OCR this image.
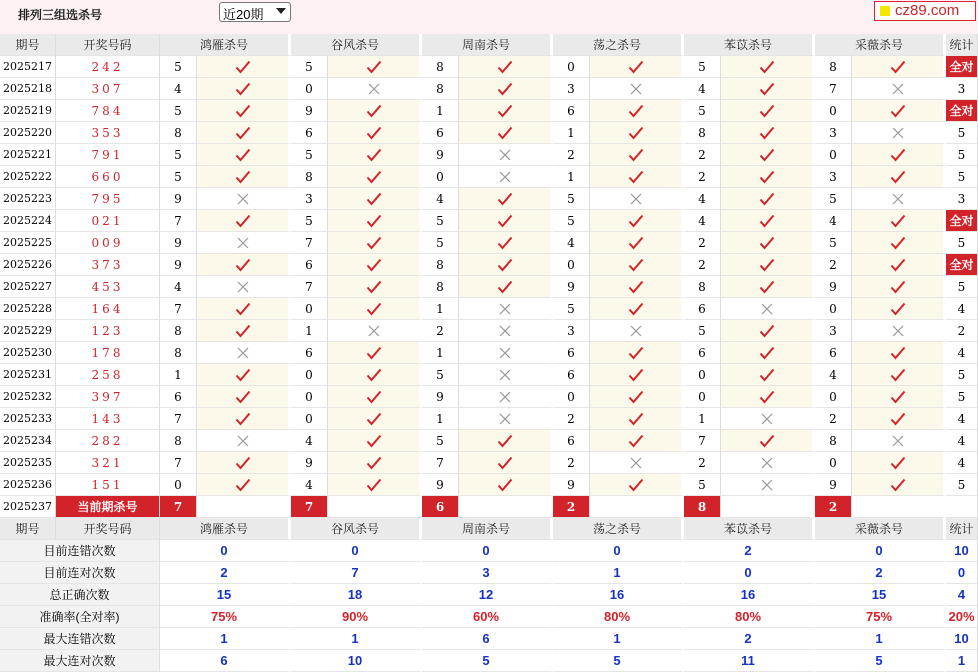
排列三组选杀号	近20期	cz89.com
期号	开奖号码	鸿雁杀号	谷风杀号	周南杀号	荡之杀号	苯苡杀号	采薇杀号	统计
2025217	242	5	5	8	0	5	8	全对
2025218	307	4	0	8	3	4	7	3
2025219	784	5	9	1	6	5	0	全对
2025220	353	8	6	6	1	8	3	5
2025221	791	5	5	9	2	2	0	5
2025222	660	5	8	0	1	2	3	5
2025223	795	9	3	4	5	4	5	3
2025224	021	7	5	5	5	4	4	全对
2025225	009	9	7	5	4	2	5	5
2025226	373	9	6	8	0	2	2	全对
2025227	453	4	7	8	9	8	9	5
2025228	164	7	0	1	5	6	0	4
2025229	123	8	1	2	3	5	3	2
2025230	178	8	6	1	6	6	6	4
2025231	258	1	0	5	6	0	4	5
2025232	397	6	0	9	0	0	0	5
2025233	143	7	0	1	2	1	2	4
2025234	282	8	4	5	6	7	8	4
2025235	321	7	9	7	2	2	0	4
2025236	151	0	4	9	9	5	9	5
2025237	当前期杀号	7	7	6	2	8	2
期号	开奖号码	鸿雁杀号	谷风杀号	周南杀号	荡之杀号	苯苡杀号	采薇杀号	统计
目前连错次数	0	0	0	0	2	0	10
目前连对次数	2	7	3	1	0	2	0
总正确次数	15	18	12	16	16	15	4
准确率(全对率)	75%	90%	60%	80%	80%	75%	20%
最大连错次数	1	1	6	1	2	1	10
最大连对次数	6	10	5	5	11	5	1
